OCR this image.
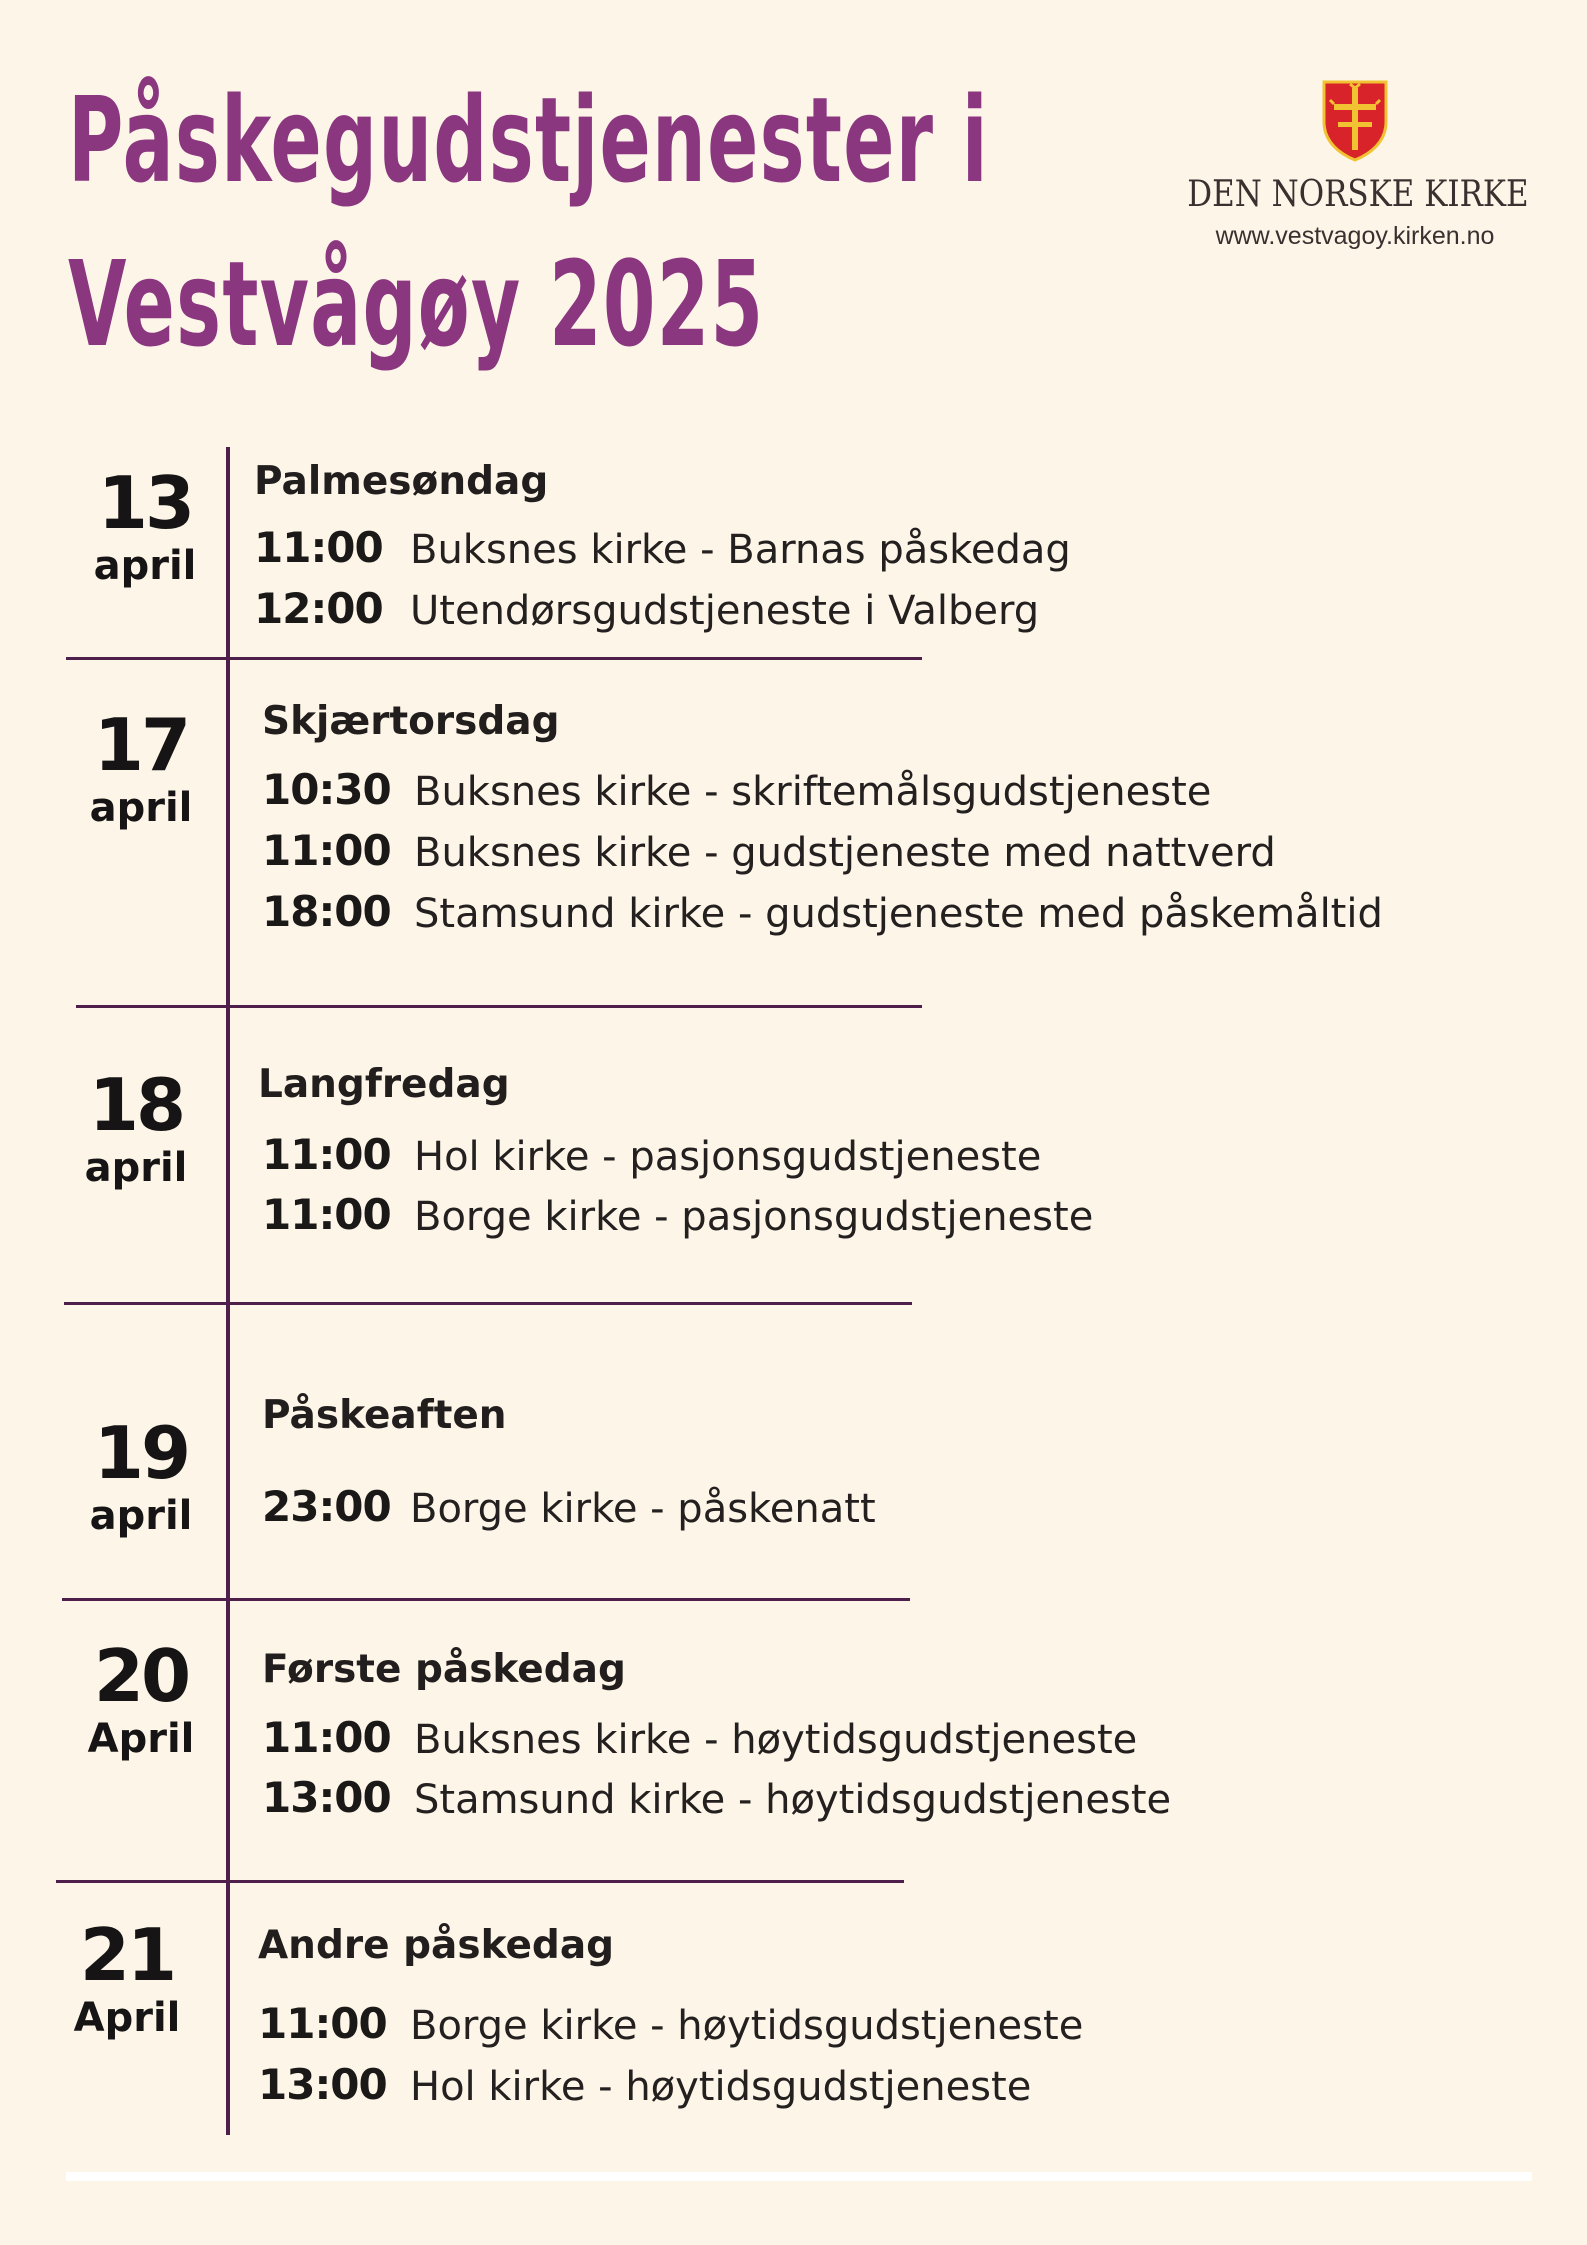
Påskegudstjenester i
Vestvågøy 2025
DEN NORSKE KIRKE
www.vestvagoy.kirken.no
13
april
Palmesøndag
11:00 Buksnes kirke - Barnas påskedag
12:00 Utendørsgudstjeneste i Valberg
17
april
Skjærtorsdag
10:30 Buksnes kirke - skriftemålsgudstjeneste
11:00 Buksnes kirke - gudstjeneste med nattverd
18:00 Stamsund kirke - gudstjeneste med påskemåltid
18
april
Langfredag
11:00 Hol kirke - pasjonsgudstjeneste
11:00 Borge kirke - pasjonsgudstjeneste
19
april
Påskeaften
23:00 Borge kirke - påskenatt
20
April
Første påskedag
11:00 Buksnes kirke - høytidsgudstjeneste
13:00 Stamsund kirke - høytidsgudstjeneste
21
April
Andre påskedag
11:00 Borge kirke - høytidsgudstjeneste
13:00 Hol kirke - høytidsgudstjeneste
